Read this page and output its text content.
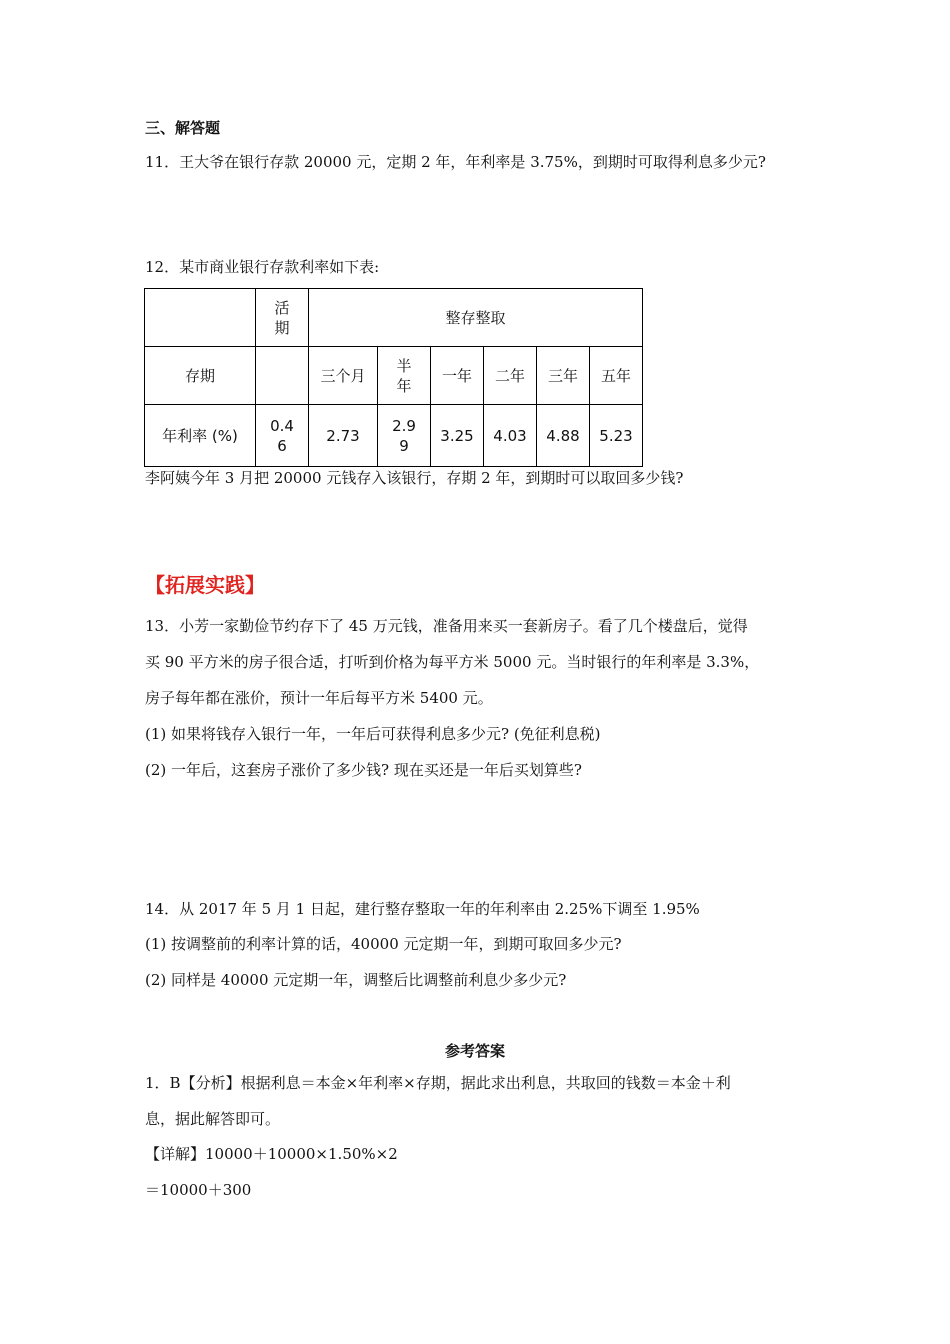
三、解答题
11．王大爷在银行存款 20000 元，定期 2 年，年利率是 3.75%，到期时可取得利息多少元?
12．某市商业银行存款利率如下表:

	活期	整存整取					
存期		三个月	半年	一年	二年	三年	五年
年利率 (%)	0.46	2.73	2.99	3.25	4.03	4.88	5.23
李阿姨今年 3 月把 20000 元钱存入该银行，存期 2 年，到期时可以取回多少钱?
【拓展实践】
13．小芳一家勤俭节约存下了 45 万元钱，准备用来买一套新房子。看了几个楼盘后，觉得
买 90 平方米的房子很合适，打听到价格为每平方米 5000 元。当时银行的年利率是 3.3%，
房子每年都在涨价，预计一年后每平方米 5400 元。
(1) 如果将钱存入银行一年，一年后可获得利息多少元? (免征利息税)
(2) 一年后，这套房子涨价了多少钱? 现在买还是一年后买划算些?
14．从 2017 年 5 月 1 日起，建行整存整取一年的年利率由 2.25%下调至 1.95%
(1) 按调整前的利率计算的话，40000 元定期一年，到期可取回多少元?
(2) 同样是 40000 元定期一年，调整后比调整前利息少多少元?
参考答案
1．B【分析】根据利息＝本金×年利率×存期，据此求出利息，共取回的钱数＝本金＋利
息，据此解答即可。
【详解】10000＋10000×1.50%×2
＝10000＋300
